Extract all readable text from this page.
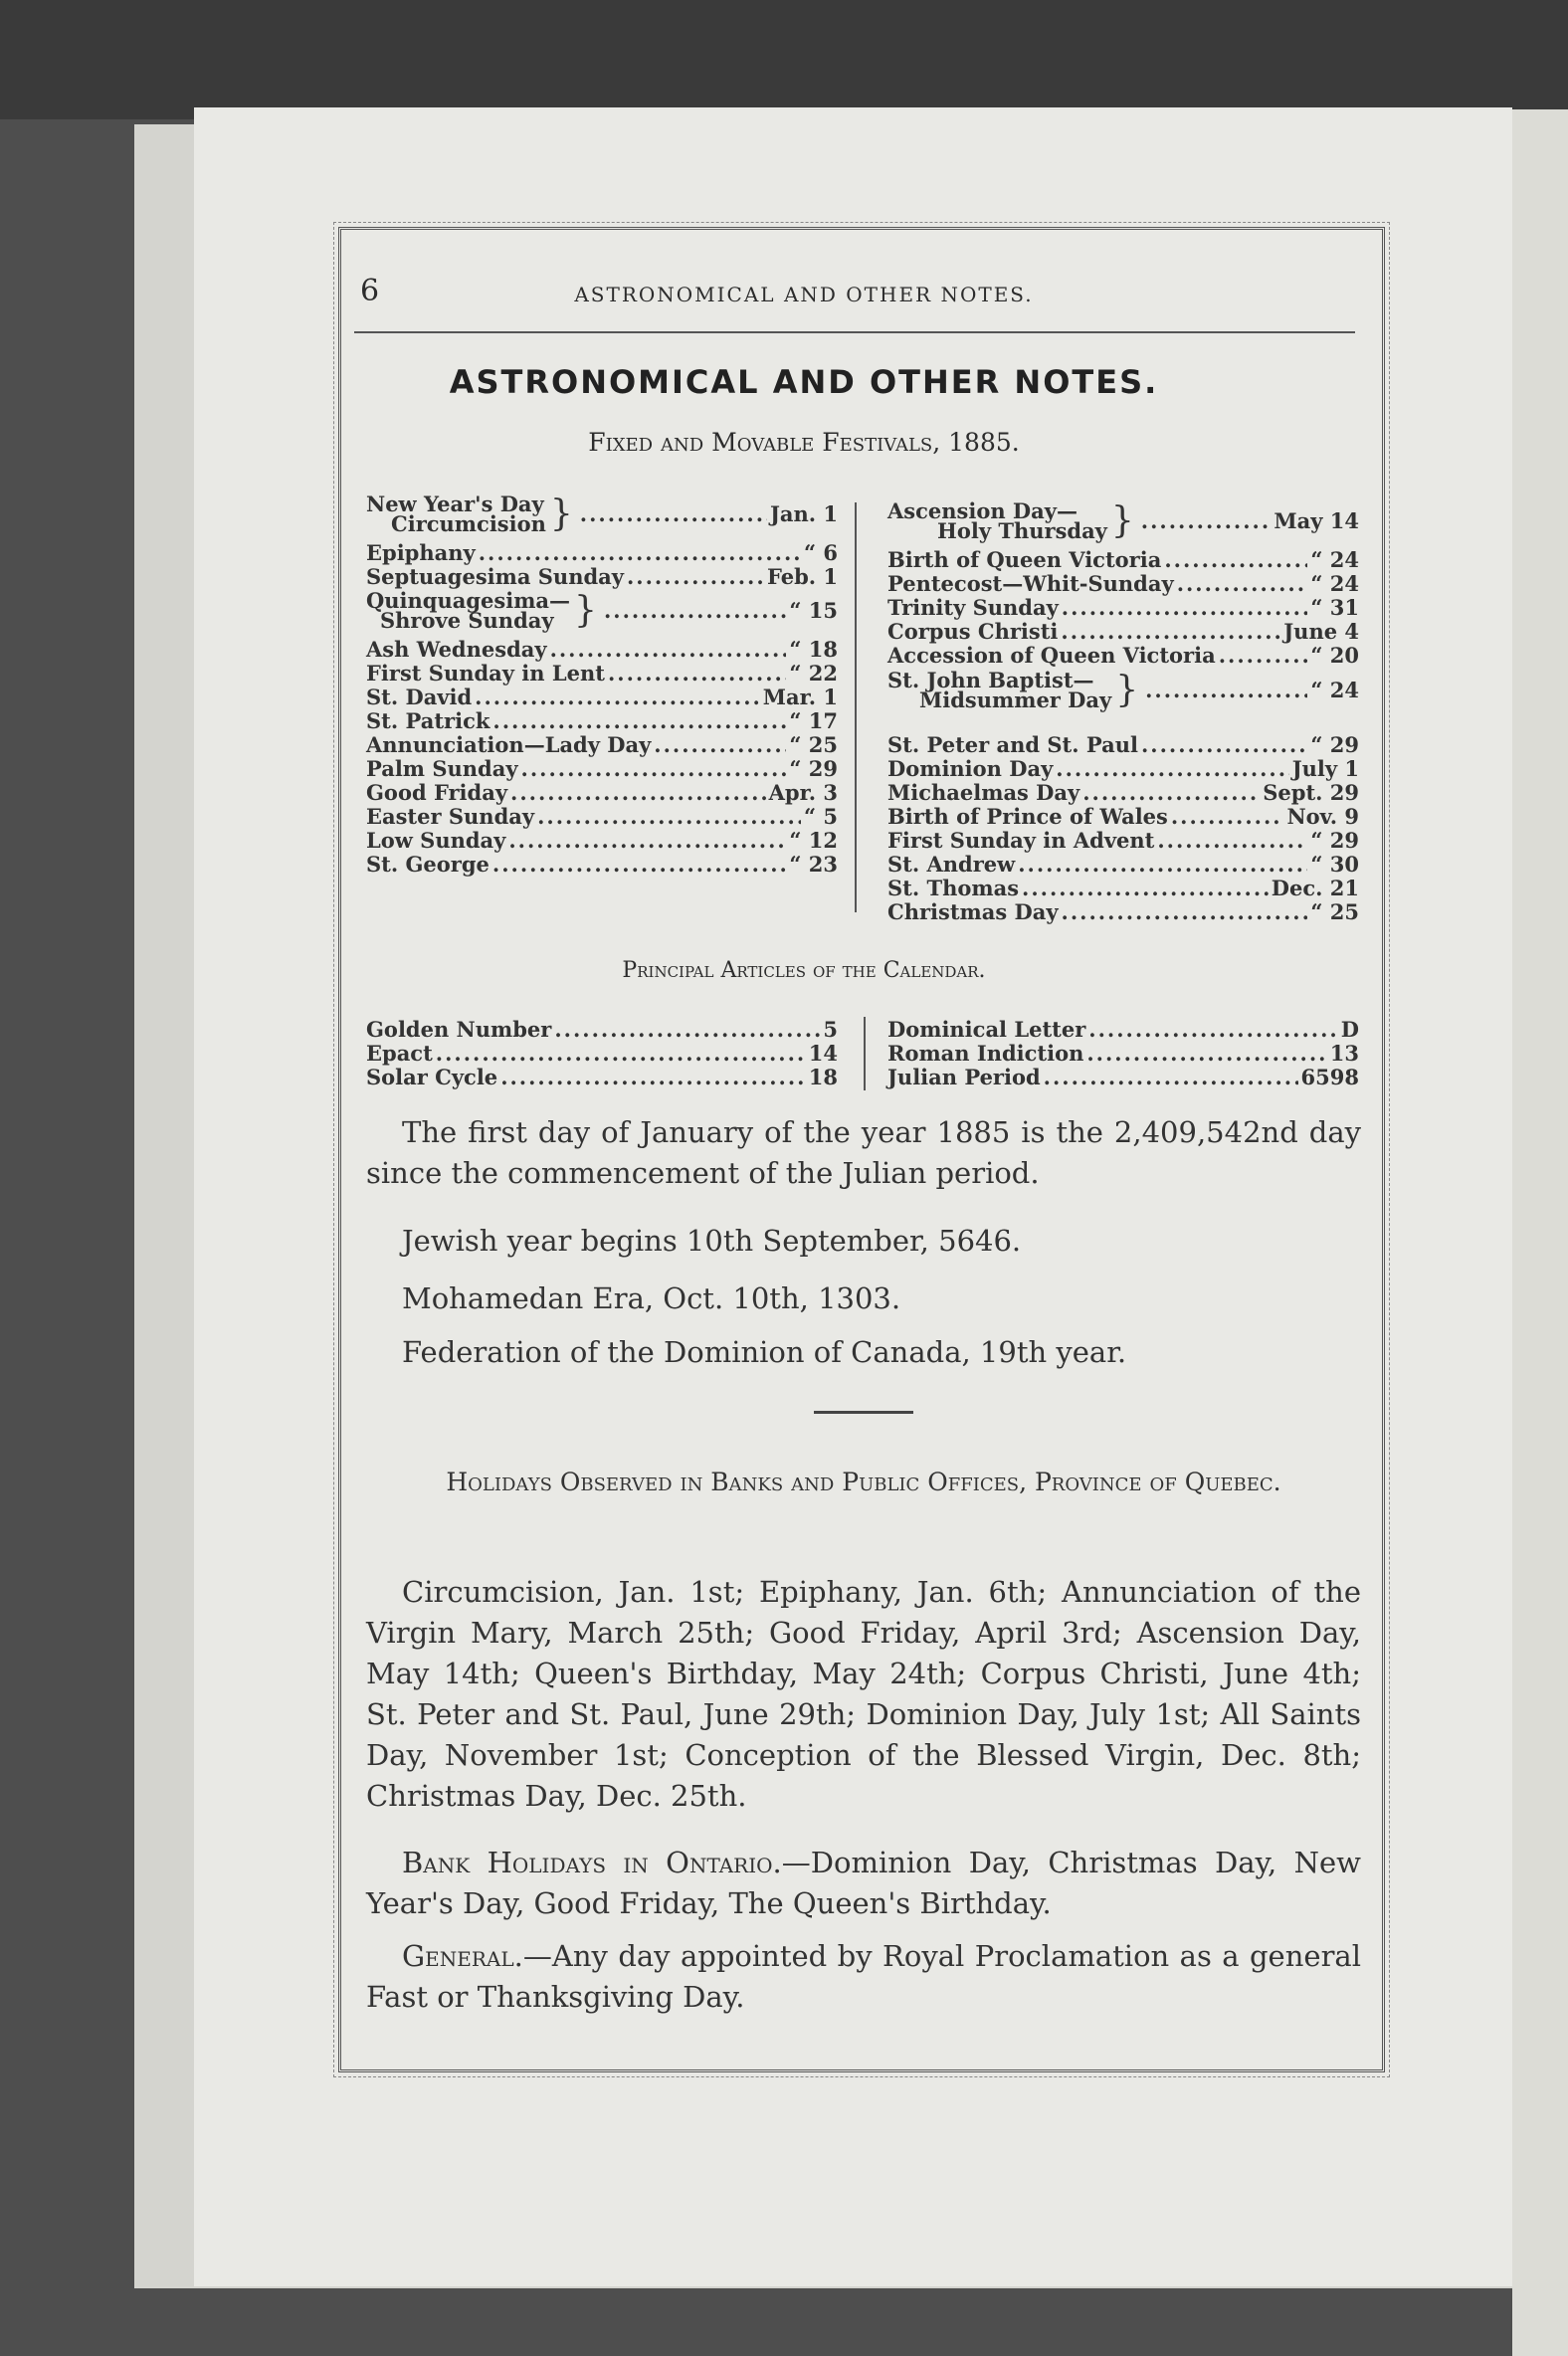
6	ASTRONOMICAL AND OTHER NOTES.
ASTRONOMICAL AND OTHER NOTES.
Fixed and Movable Festivals, 1885.
New Year's Day
Circumcision } .....	Jan. 1
Epiphany .....	“ 6
Septuagesima Sunday .....	Feb. 1
Quinquagesima—
Shrove Sunday } .....	“ 15
Ash Wednesday .....	“ 18
First Sunday in Lent .....	“ 22
St. David .....	Mar. 1
St. Patrick .....	“ 17
Annunciation—Lady Day .....	“ 25
Palm Sunday .....	“ 29
Good Friday .....	Apr. 3
Easter Sunday .....	“ 5
Low Sunday .....	“ 12
St. George .....	“ 23
Ascension Day—
Holy Thursday } .....	May 14
Birth of Queen Victoria .....	“ 24
Pentecost—Whit-Sunday .....	“ 24
Trinity Sunday .....	“ 31
Corpus Christi .....	June 4
Accession of Queen Victoria .....	“ 20
St. John Baptist—
Midsummer Day } .....	“ 24
St. Peter and St. Paul .....	“ 29
Dominion Day .....	July 1
Michaelmas Day .....	Sept. 29
Birth of Prince of Wales .....	Nov. 9
First Sunday in Advent .....	“ 29
St. Andrew .....	“ 30
St. Thomas .....	Dec. 21
Christmas Day .....	“ 25
Principal Articles of the Calendar.
Golden Number .....	5
Epact .....	14
Solar Cycle .....	18
Dominical Letter .....	D
Roman Indiction .....	13
Julian Period .....	6598
The first day of January of the year 1885 is the 2,409,542nd day since the commencement of the Julian period.
Jewish year begins 10th September, 5646.
Mohamedan Era, Oct. 10th, 1303.
Federation of the Dominion of Canada, 19th year.
Holidays Observed in Banks and Public Offices, Province of Quebec.
Circumcision, Jan. 1st; Epiphany, Jan. 6th; Annunciation of the Virgin Mary, March 25th; Good Friday, April 3rd; Ascension Day, May 14th; Queen's Birthday, May 24th; Corpus Christi, June 4th; St. Peter and St. Paul, June 29th; Dominion Day, July 1st; All Saints Day, November 1st; Conception of the Blessed Virgin, Dec. 8th; Christmas Day, Dec. 25th.
Bank Holidays in Ontario.—Dominion Day, Christmas Day, New Year's Day, Good Friday, The Queen's Birthday.
General.—Any day appointed by Royal Proclamation as a general Fast or Thanksgiving Day.
